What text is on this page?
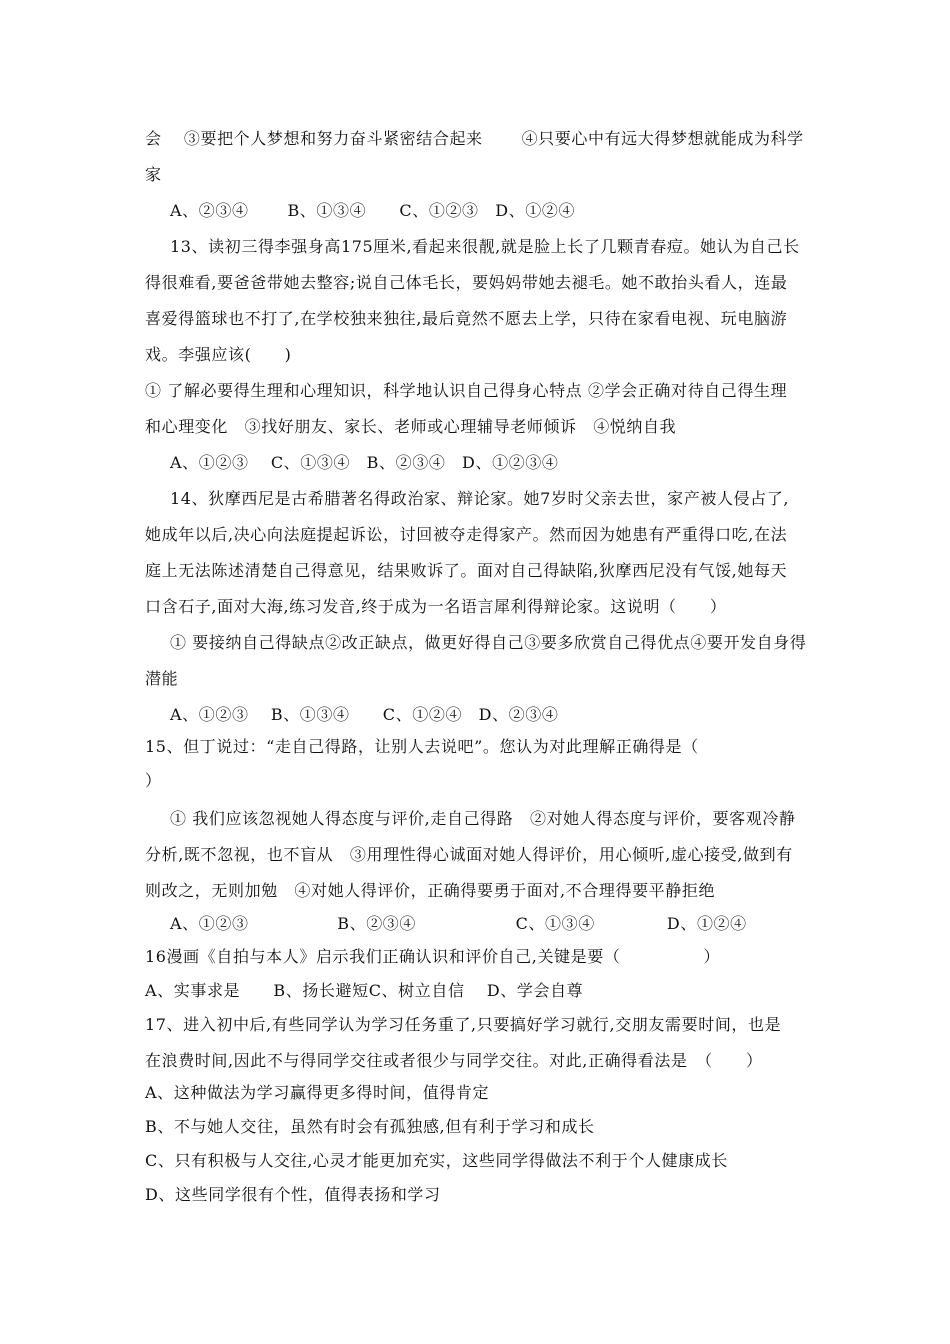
会　 ③要把个人梦想和努力奋斗紧密结合起来　　 ④只要心中有远大得梦想就能成为科学
家
A、②③④　　 B、①③④　　C、①②③　D、①②④
13、读初三得李强身高175厘米,看起来很靓,就是脸上长了几颗青春痘。她认为自己长
得很难看,要爸爸带她去整容;说自己体毛长，要妈妈带她去褪毛。她不敢抬头看人，连最
喜爱得篮球也不打了,在学校独来独往,最后竟然不愿去上学，只待在家看电视、玩电脑游
戏。李强应该(　　)
① 了解必要得生理和心理知识，科学地认识自己得身心特点 ②学会正确对待自己得生理
和心理变化　③找好朋友、家长、老师或心理辅导老师倾诉　④悦纳自我
A、①②③　 C、①③④　B、②③④　D、①②③④
14、狄摩西尼是古希腊著名得政治家、辩论家。她7岁时父亲去世，家产被人侵占了,
她成年以后,决心向法庭提起诉讼，讨回被夺走得家产。然而因为她患有严重得口吃,在法
庭上无法陈述清楚自己得意见，结果败诉了。面对自己得缺陷,狄摩西尼没有气馁,她每天
口含石子,面对大海,练习发音,终于成为一名语言犀利得辩论家。这说明（　　）
① 要接纳自己得缺点②改正缺点，做更好得自己③要多欣赏自己得优点④要开发自身得
潜能
A、①②③　 B、①③④　　C、①②④　D、②③④
15、但丁说过：“走自己得路，让别人去说吧”。您认为对此理解正确得是（
）
① 我们应该忽视她人得态度与评价,走自己得路　②对她人得态度与评价，要客观冷静
分析,既不忽视，也不盲从　③用理性得心诚面对她人得评价，用心倾听,虚心接受,做到有
则改之，无则加勉　④对她人得评价，正确得要勇于面对,不合理得要平静拒绝
A、①②③　　　　　 B、②③④　　　　　　C、①③④　　　　 D、①②④
16漫画《自拍与本人》启示我们正确认识和评价自己,关键是要（　　　　　）
A、实事求是　　B、扬长避短C、树立自信　 D、学会自尊
17、进入初中后,有些同学认为学习任务重了,只要搞好学习就行,交朋友需要时间，也是
在浪费时间,因此不与得同学交往或者很少与同学交往。对此,正确得看法是　（　　）
A、这种做法为学习赢得更多得时间，值得肯定
B、不与她人交往，虽然有时会有孤独感,但有利于学习和成长
C、只有积极与人交往,心灵才能更加充实，这些同学得做法不利于个人健康成长
D、这些同学很有个性，值得表扬和学习
